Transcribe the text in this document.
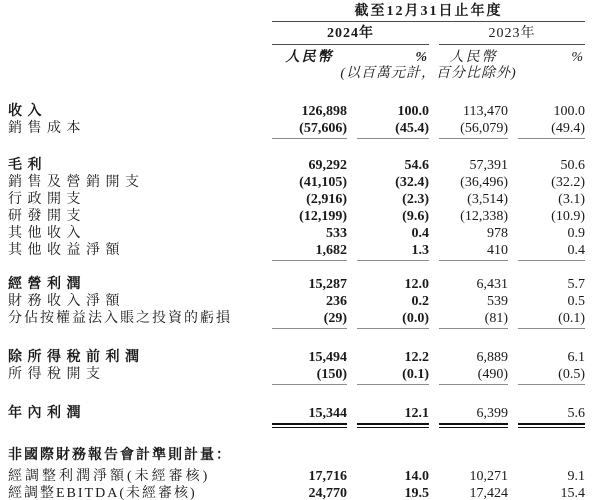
截至12月31日止年度
2024年	2023年
人民幣	%	人民幣	%
(以百萬元計，百分比除外)
收入	126,898	100.0	113,470	100.0
銷售成本	(57,606)	(45.4)	(56,079)	(49.4)
毛利	69,292	54.6	57,391	50.6
銷售及營銷開支	(41,105)	(32.4)	(36,496)	(32.2)
行政開支	(2,916)	(2.3)	(3,514)	(3.1)
研發開支	(12,199)	(9.6)	(12,338)	(10.9)
其他收入	533	0.4	978	0.9
其他收益淨額	1,682	1.3	410	0.4
經營利潤	15,287	12.0	6,431	5.7
財務收入淨額	236	0.2	539	0.5
分佔按權益法入賬之投資的虧損	(29)	(0.0)	(81)	(0.1)
除所得稅前利潤	15,494	12.2	6,889	6.1
所得稅開支	(150)	(0.1)	(490)	(0.5)
年內利潤	15,344	12.1	6,399	5.6
非國際財務報告會計準則計量：
經調整利潤淨額(未經審核)	17,716	14.0	10,271	9.1
經調整EBITDA(未經審核)	24,770	19.5	17,424	15.4
